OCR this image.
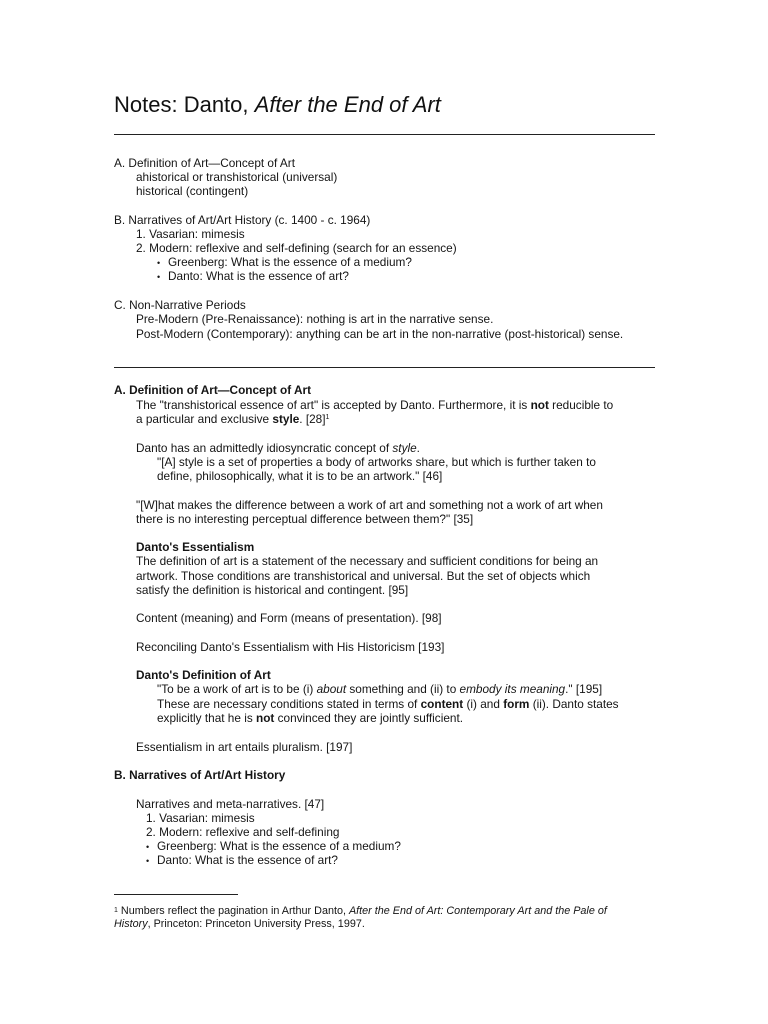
Notes: Danto, After the End of Art
A. Definition of Art—Concept of Art
ahistorical or transhistorical (universal)
historical (contingent)
B. Narratives of Art/Art History (c. 1400 - c. 1964)
1. Vasarian: mimesis
2. Modern: reflexive and self-defining (search for an essence)
• Greenberg: What is the essence of a medium?
• Danto: What is the essence of art?
C. Non-Narrative Periods
Pre-Modern (Pre-Renaissance): nothing is art in the narrative sense.
Post-Modern (Contemporary): anything can be art in the non-narrative (post-historical) sense.
A. Definition of Art—Concept of Art
The "transhistorical essence of art" is accepted by Danto. Furthermore, it is not reducible to
a particular and exclusive style. $[28]^1$
Danto has an admittedly idiosyncratic concept of style.
"[A] style is a set of properties a body of artworks share, but which is further taken to
define, philosophically, what it is to be an artwork." [46]
"[W]hat makes the difference between a work of art and something not a work of art when
there is no interesting perceptual difference between them?" [35]
Danto's Essentialism
The definition of art is a statement of the necessary and sufficient conditions for being an
artwork. Those conditions are transhistorical and universal. But the set of objects which
satisfy the definition is historical and contingent. [95]
Content (meaning) and Form (means of presentation). [98]
Reconciling Danto's Essentialism with His Historicism [193]
Danto's Definition of Art
"To be a work of art is to be (i) about something and (ii) to embody its meaning." [195]
These are necessary conditions stated in terms of content (i) and form (ii). Danto states
explicitly that he is not convinced they are jointly sufficient.
Essentialism in art entails pluralism. [197]
B. Narratives of Art/Art History
Narratives and meta-narratives. [47]
1. Vasarian: mimesis
2. Modern: reflexive and self-defining
• Greenberg: What is the essence of a medium?
• Danto: What is the essence of art?
$^1$ Numbers reflect the pagination in Arthur Danto, After the End of Art: Contemporary Art and the Pale of
History, Princeton: Princeton University Press, 1997.
